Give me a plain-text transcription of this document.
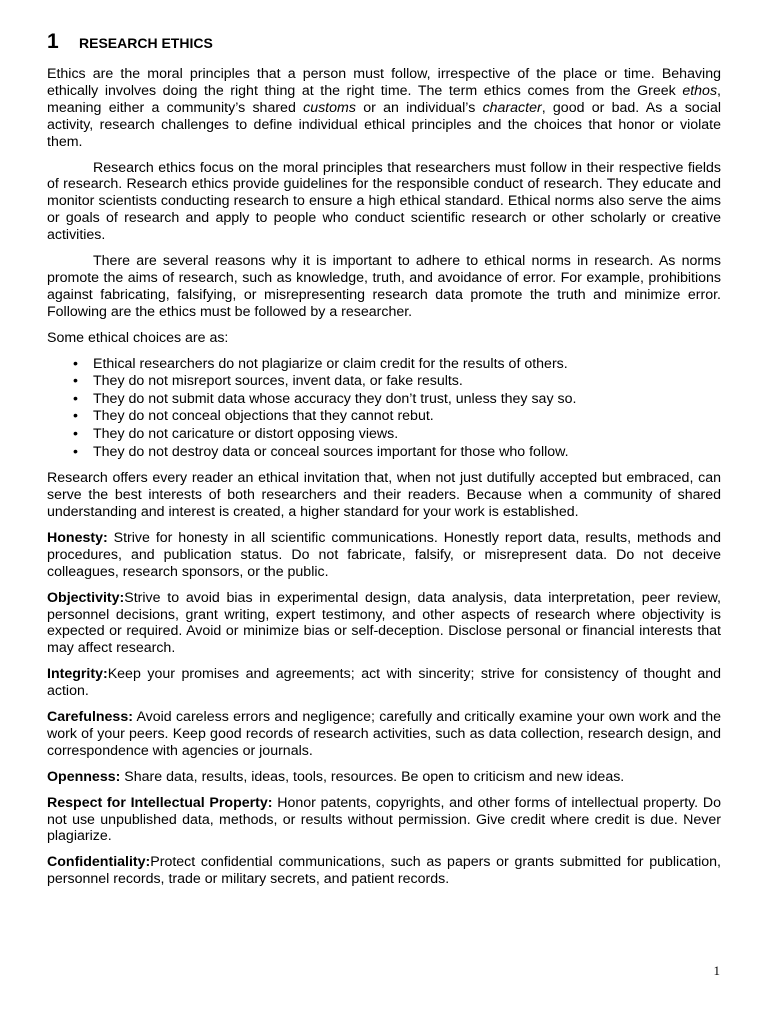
1	RESEARCH ETHICS

Ethics are the moral principles that a person must follow, irrespective of the place or time. Behaving ethically involves doing the right thing at the right time. The term ethics comes from the Greek ethos, meaning either a community’s shared customs or an individual’s character, good or bad. As a social activity, research challenges to define individual ethical principles and the choices that honor or violate them.

Research ethics focus on the moral principles that researchers must follow in their respective fields of research. Research ethics provide guidelines for the responsible conduct of research. They educate and monitor scientists conducting research to ensure a high ethical standard. Ethical norms also serve the aims or goals of research and apply to people who conduct scientific research or other scholarly or creative activities.

There are several reasons why it is important to adhere to ethical norms in research. As norms promote the aims of research, such as knowledge, truth, and avoidance of error. For example, prohibitions against fabricating, falsifying, or misrepresenting research data promote the truth and minimize error. Following are the ethics must be followed by a researcher.

Some ethical choices are as:

• Ethical researchers do not plagiarize or claim credit for the results of others.
• They do not misreport sources, invent data, or fake results.
• They do not submit data whose accuracy they don’t trust, unless they say so.
• They do not conceal objections that they cannot rebut.
• They do not caricature or distort opposing views.
• They do not destroy data or conceal sources important for those who follow.

Research offers every reader an ethical invitation that, when not just dutifully accepted but embraced, can serve the best interests of both researchers and their readers. Because when a community of shared understanding and interest is created, a higher standard for your work is established.

Honesty: Strive for honesty in all scientific communications. Honestly report data, results, methods and procedures, and publication status. Do not fabricate, falsify, or misrepresent data. Do not deceive colleagues, research sponsors, or the public.

Objectivity:Strive to avoid bias in experimental design, data analysis, data interpretation, peer review, personnel decisions, grant writing, expert testimony, and other aspects of research where objectivity is expected or required. Avoid or minimize bias or self-deception. Disclose personal or financial interests that may affect research.

Integrity:Keep your promises and agreements; act with sincerity; strive for consistency of thought and action.

Carefulness: Avoid careless errors and negligence; carefully and critically examine your own work and the work of your peers. Keep good records of research activities, such as data collection, research design, and correspondence with agencies or journals.

Openness: Share data, results, ideas, tools, resources. Be open to criticism and new ideas.

Respect for Intellectual Property: Honor patents, copyrights, and other forms of intellectual property. Do not use unpublished data, methods, or results without permission. Give credit where credit is due. Never plagiarize.

Confidentiality:Protect confidential communications, such as papers or grants submitted for publication, personnel records, trade or military secrets, and patient records.

1
